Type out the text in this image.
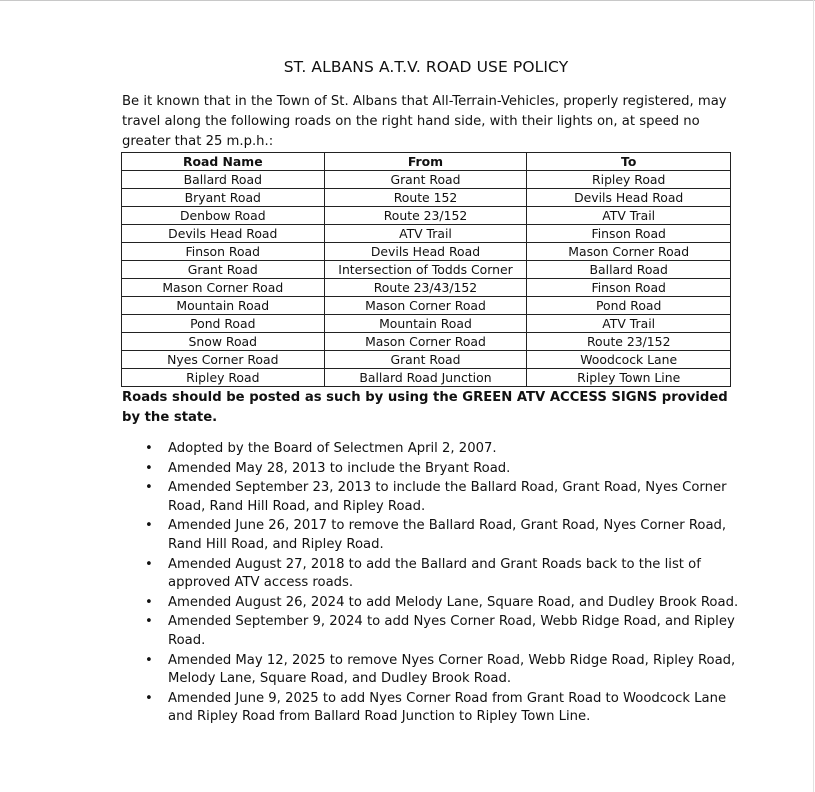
ST. ALBANS A.T.V. ROAD USE POLICY

Be it known that in the Town of St. Albans that All-Terrain-Vehicles, properly registered, may travel along the following roads on the right hand side, with their lights on, at speed no greater that 25 m.p.h.:

Road Name	From	To
Ballard Road	Grant Road	Ripley Road
Bryant Road	Route 152	Devils Head Road
Denbow Road	Route 23/152	ATV Trail
Devils Head Road	ATV Trail	Finson Road
Finson Road	Devils Head Road	Mason Corner Road
Grant Road	Intersection of Todds Corner	Ballard Road
Mason Corner Road	Route 23/43/152	Finson Road
Mountain Road	Mason Corner Road	Pond Road
Pond Road	Mountain Road	ATV Trail
Snow Road	Mason Corner Road	Route 23/152
Nyes Corner Road	Grant Road	Woodcock Lane
Ripley Road	Ballard Road Junction	Ripley Town Line

Roads should be posted as such by using the GREEN ATV ACCESS SIGNS provided by the state.

• Adopted by the Board of Selectmen April 2, 2007.
• Amended May 28, 2013 to include the Bryant Road.
• Amended September 23, 2013 to include the Ballard Road, Grant Road, Nyes Corner Road, Rand Hill Road, and Ripley Road.
• Amended June 26, 2017 to remove the Ballard Road, Grant Road, Nyes Corner Road, Rand Hill Road, and Ripley Road.
• Amended August 27, 2018 to add the Ballard and Grant Roads back to the list of approved ATV access roads.
• Amended August 26, 2024 to add Melody Lane, Square Road, and Dudley Brook Road.
• Amended September 9, 2024 to add Nyes Corner Road, Webb Ridge Road, and Ripley Road.
• Amended May 12, 2025 to remove Nyes Corner Road, Webb Ridge Road, Ripley Road, Melody Lane, Square Road, and Dudley Brook Road.
• Amended June 9, 2025 to add Nyes Corner Road from Grant Road to Woodcock Lane and Ripley Road from Ballard Road Junction to Ripley Town Line.
